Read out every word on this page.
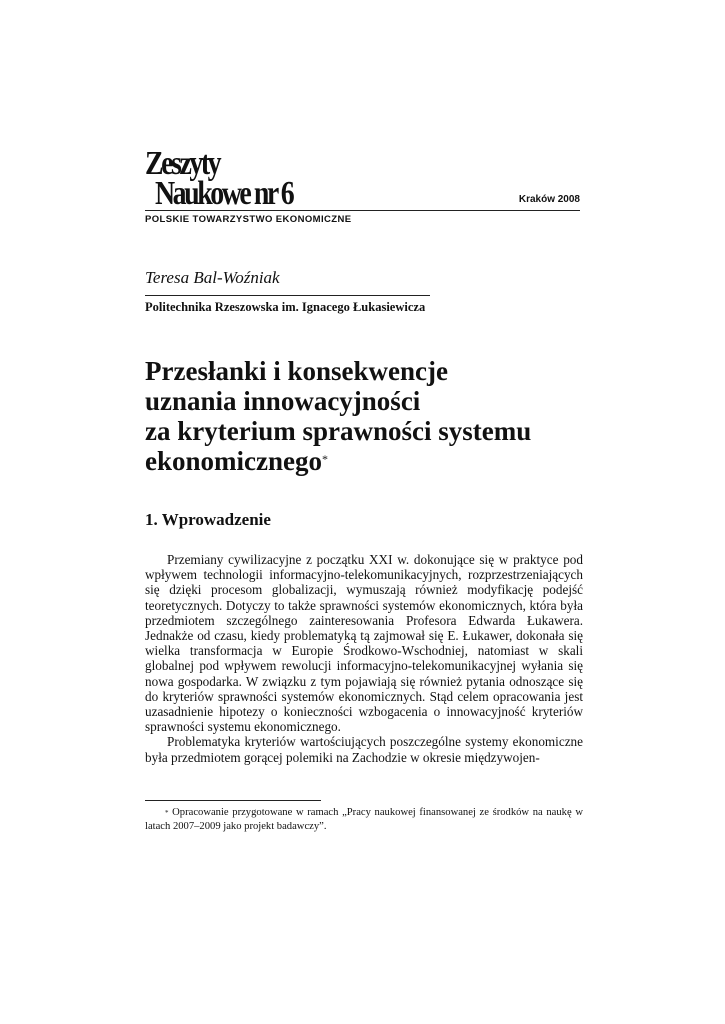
Zeszyty
Naukowe nr 6	Kraków 2008
POLSKIE TOWARZYSTWO EKONOMICZNE
Teresa Bal-Woźniak
Politechnika Rzeszowska im. Ignacego Łukasiewicza
Przesłanki i konsekwencje
uznania innowacyjności
za kryterium sprawności systemu
ekonomicznego*
1. Wprowadzenie

Przemiany cywilizacyjne z początku XXI w. dokonujące się w praktyce pod wpływem technologii informacyjno-telekomunikacyjnych, rozprzestrzeniających się dzięki procesom globalizacji, wymuszają również modyfikację podejść teoretycznych. Dotyczy to także sprawności systemów ekonomicznych, która była przedmiotem szczególnego zainteresowania Profesora Edwarda Łukawera. Jednakże od czasu, kiedy problematyką tą zajmował się E. Łukawer, dokonała się wielka transformacja w Europie Środkowo-Wschodniej, natomiast w skali globalnej pod wpływem rewolucji informacyjno-telekomunikacyjnej wyłania się nowa gospodarka. W związku z tym pojawiają się również pytania odnoszące się do kryteriów sprawności systemów ekonomicznych. Stąd celem opracowania jest uzasadnienie hipotezy o konieczności wzbogacenia o innowacyjność kryteriów sprawności systemu ekonomicznego.

Problematyka kryteriów wartościujących poszczególne systemy ekonomiczne była przedmiotem gorącej polemiki na Zachodzie w okresie międzywojen-

* Opracowanie przygotowane w ramach „Pracy naukowej finansowanej ze środków na naukę w latach 2007–2009 jako projekt badawczy”.
